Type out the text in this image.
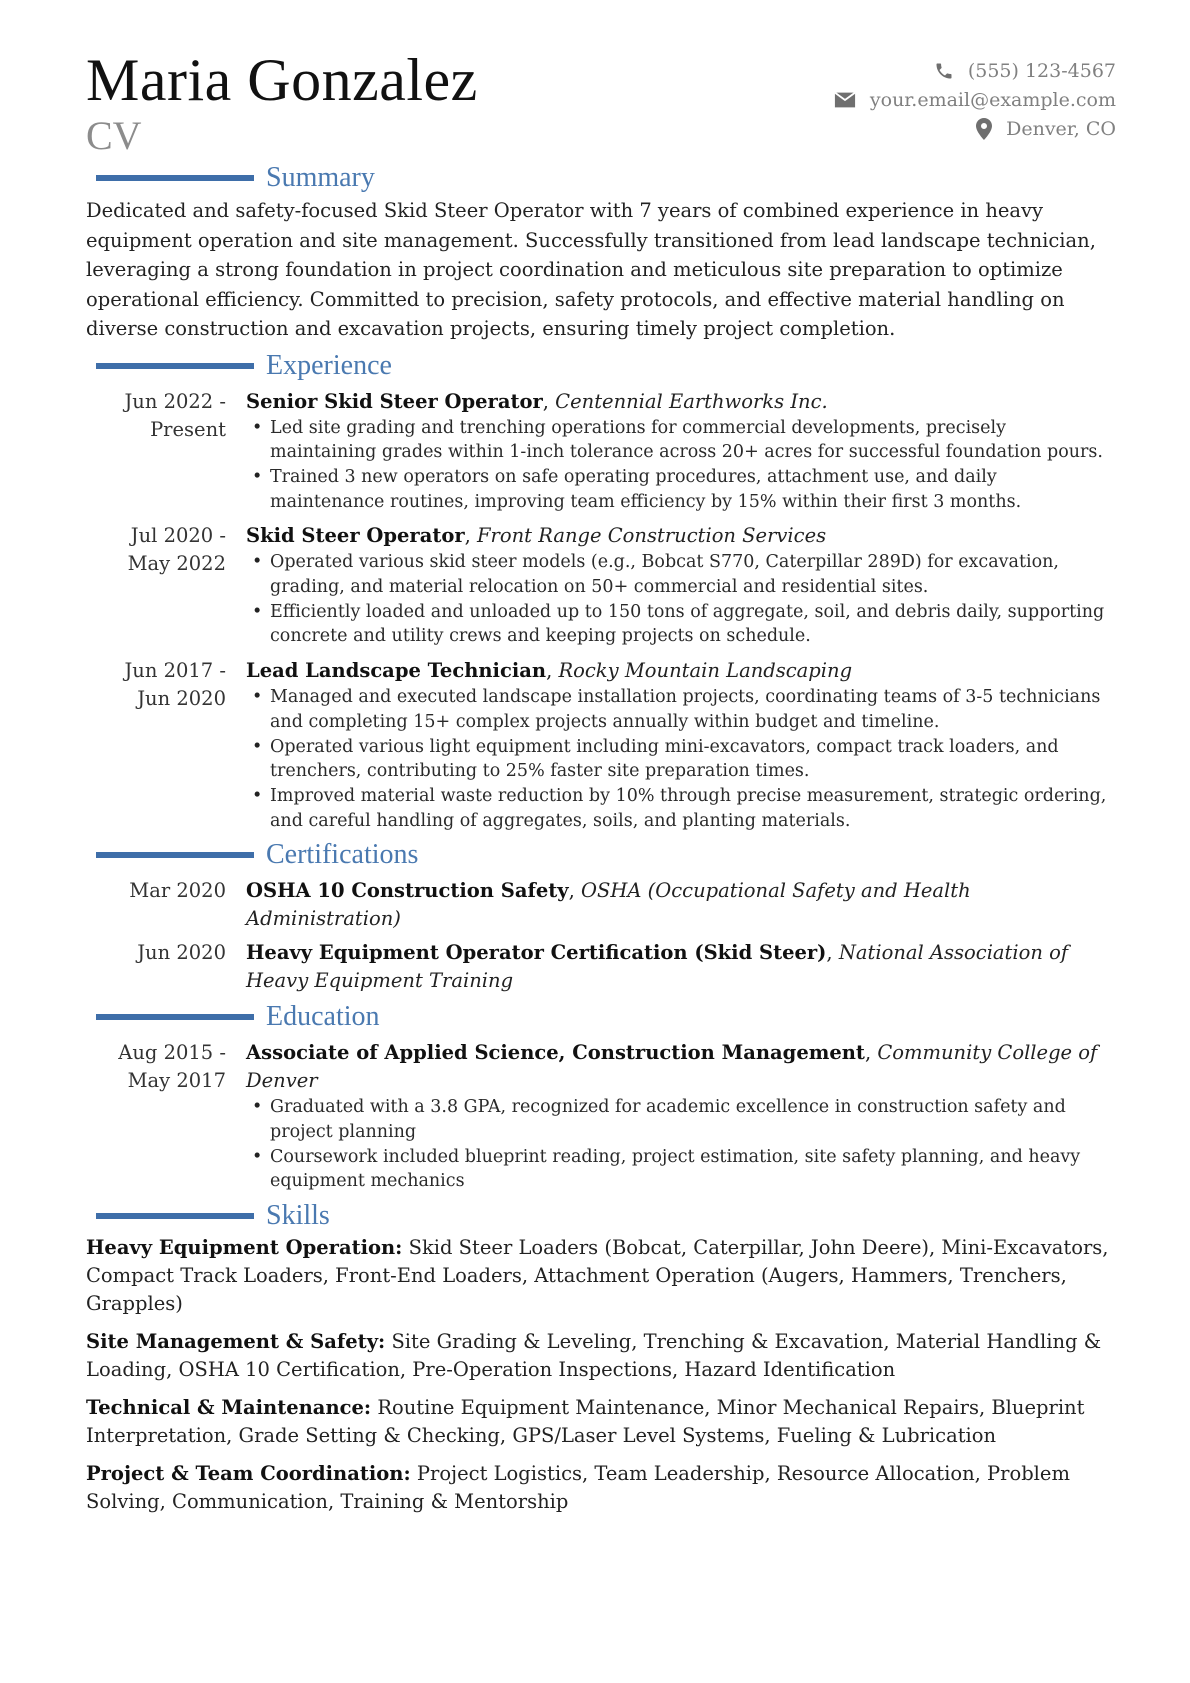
Maria Gonzalez
CV
(555) 123-4567
your.email@example.com
Denver, CO
Summary
Dedicated and safety-focused Skid Steer Operator with 7 years of combined experience in heavy equipment operation and site management. Successfully transitioned from lead landscape technician, leveraging a strong foundation in project coordination and meticulous site preparation to optimize operational efficiency. Committed to precision, safety protocols, and effective material handling on diverse construction and excavation projects, ensuring timely project completion.
Experience
Jun 2022 - Present
Senior Skid Steer Operator, Centennial Earthworks Inc.
• Led site grading and trenching operations for commercial developments, precisely maintaining grades within 1-inch tolerance across 20+ acres for successful foundation pours.
• Trained 3 new operators on safe operating procedures, attachment use, and daily maintenance routines, improving team efficiency by 15% within their first 3 months.
Jul 2020 - May 2022
Skid Steer Operator, Front Range Construction Services
• Operated various skid steer models (e.g., Bobcat S770, Caterpillar 289D) for excavation, grading, and material relocation on 50+ commercial and residential sites.
• Efficiently loaded and unloaded up to 150 tons of aggregate, soil, and debris daily, supporting concrete and utility crews and keeping projects on schedule.
Jun 2017 - Jun 2020
Lead Landscape Technician, Rocky Mountain Landscaping
• Managed and executed landscape installation projects, coordinating teams of 3-5 technicians and completing 15+ complex projects annually within budget and timeline.
• Operated various light equipment including mini-excavators, compact track loaders, and trenchers, contributing to 25% faster site preparation times.
• Improved material waste reduction by 10% through precise measurement, strategic ordering, and careful handling of aggregates, soils, and planting materials.
Certifications
Mar 2020	OSHA 10 Construction Safety, OSHA (Occupational Safety and Health Administration)
Jun 2020	Heavy Equipment Operator Certification (Skid Steer), National Association of Heavy Equipment Training
Education
Aug 2015 - May 2017
Associate of Applied Science, Construction Management, Community College of Denver
• Graduated with a 3.8 GPA, recognized for academic excellence in construction safety and project planning
• Coursework included blueprint reading, project estimation, site safety planning, and heavy equipment mechanics
Skills
Heavy Equipment Operation: Skid Steer Loaders (Bobcat, Caterpillar, John Deere), Mini-Excavators, Compact Track Loaders, Front-End Loaders, Attachment Operation (Augers, Hammers, Trenchers, Grapples)
Site Management & Safety: Site Grading & Leveling, Trenching & Excavation, Material Handling & Loading, OSHA 10 Certification, Pre-Operation Inspections, Hazard Identification
Technical & Maintenance: Routine Equipment Maintenance, Minor Mechanical Repairs, Blueprint Interpretation, Grade Setting & Checking, GPS/Laser Level Systems, Fueling & Lubrication
Project & Team Coordination: Project Logistics, Team Leadership, Resource Allocation, Problem Solving, Communication, Training & Mentorship
